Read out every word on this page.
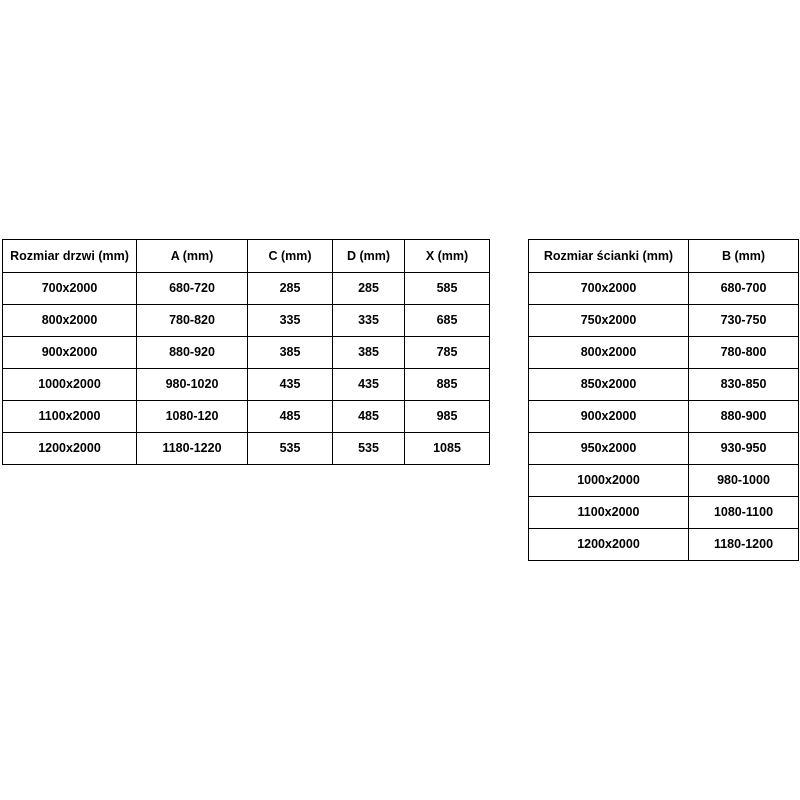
Rozmiar drzwi (mm)	A (mm)	C (mm)	D (mm)	X (mm)
700x2000	680-720	285	285	585
800x2000	780-820	335	335	685
900x2000	880-920	385	385	785
1000x2000	980-1020	435	435	885
1100x2000	1080-120	485	485	985
1200x2000	1180-1220	535	535	1085
Rozmiar ścianki (mm)	B (mm)
700x2000	680-700
750x2000	730-750
800x2000	780-800
850x2000	830-850
900x2000	880-900
950x2000	930-950
1000x2000	980-1000
1100x2000	1080-1100
1200x2000	1180-1200
